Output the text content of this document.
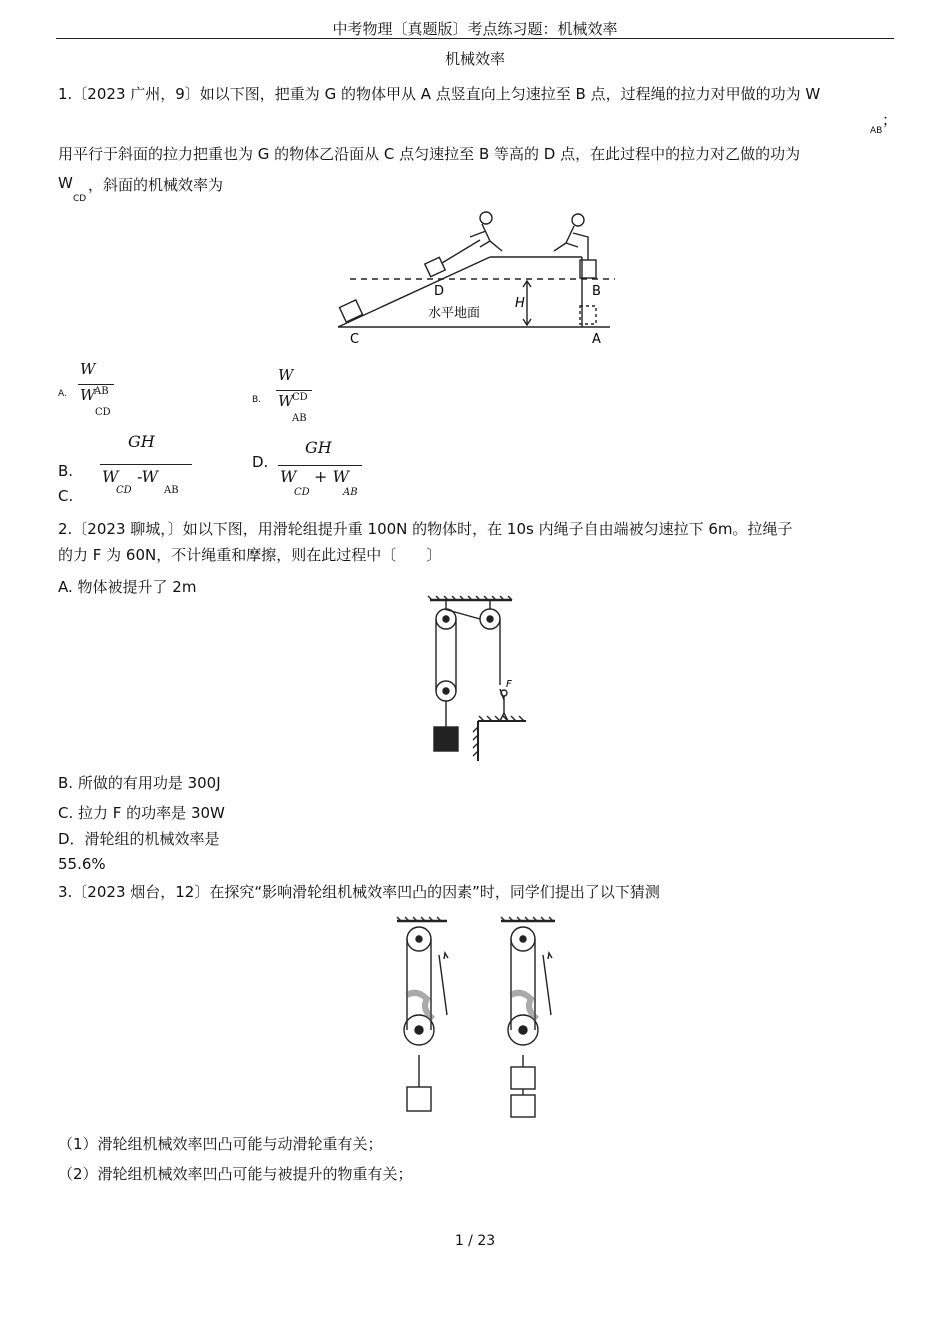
中考物理〔真题版〕考点练习题：机械效率
机械效率
1.〔2023 广州，9〕如以下图，把重为 G 的物体甲从 A 点竖直向上匀速拉至 B 点，过程绳的拉力对甲做的功为 W
AB
；
用平行于斜面的拉力把重也为 G 的物体乙沿面从 C 点匀速拉至 B 等高的 D 点，在此过程中的拉力对乙做的功为
W
CD
，斜面的机械效率为
D
C
B
A
H
水平地面
A.
W
W
AB
CD
B.
W
W
CD
AB
B.
GH
W
CD
-W
AB
C.
D.
GH
W
CD
+ W
AB
2.〔2023 聊城，〕如以下图，用滑轮组提升重 100N 的物体时，在 10s 内绳子自由端被匀速拉下 6m。拉绳子
的力 F 为 60N，不计绳重和摩擦，则在此过程中〔　　〕
A. 物体被提升了 2m
F
B. 所做的有用功是 300J
C. 拉力 F 的功率是 30W
D．滑轮组的机械效率是
55.6%
3.〔2023 烟台，12〕在探究“影响滑轮组机械效率凹凸的因素”时，同学们提出了以下猜测
（1）滑轮组机械效率凹凸可能与动滑轮重有关；
（2）滑轮组机械效率凹凸可能与被提升的物重有关；
1 / 23
